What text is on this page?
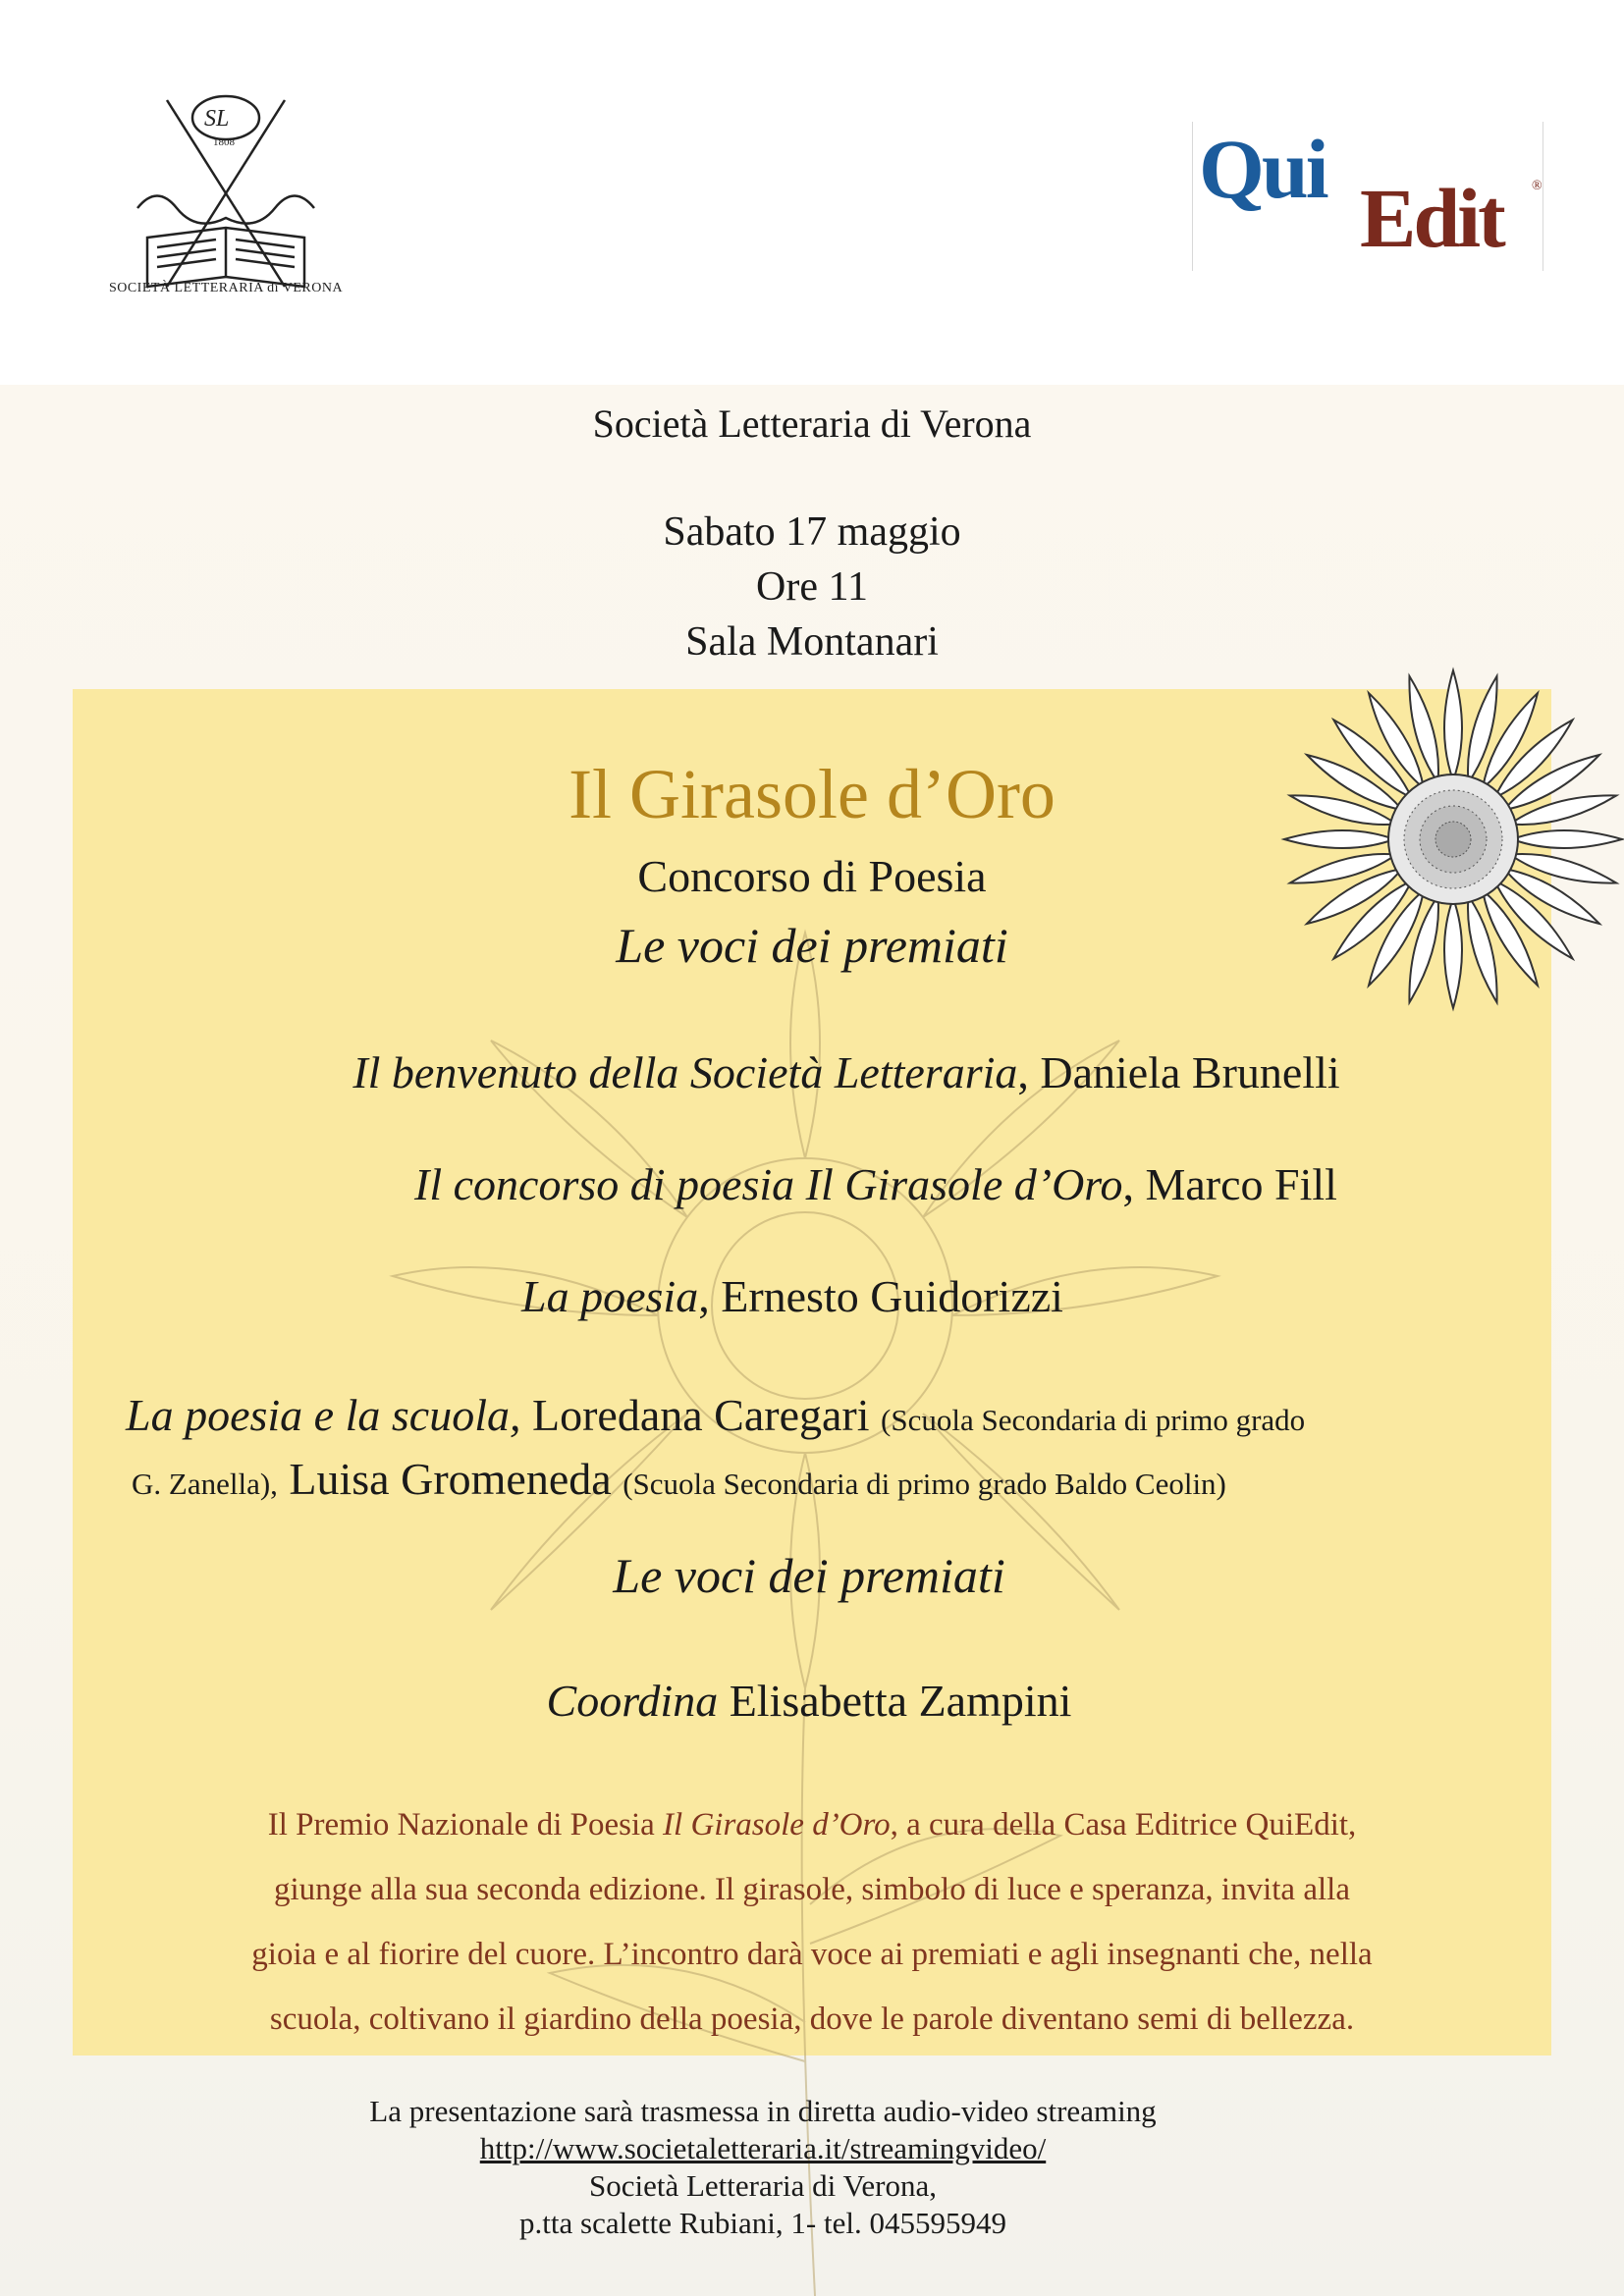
SL
1808
SOCIETÀ LETTERARIA di VERONA
Qui
Edit ®
Società Letteraria di Verona
Sabato 17 maggio
Ore 11
Sala Montanari
Il Girasole d’Oro
Concorso di Poesia
Le voci dei premiati
Il benvenuto della Società Letteraria, Daniela Brunelli
Il concorso di poesia Il Girasole d’Oro, Marco Fill
La poesia, Ernesto Guidorizzi
La poesia e la scuola, Loredana Caregari (Scuola Secondaria di primo grado
G. Zanella), Luisa Gromeneda (Scuola Secondaria di primo grado Baldo Ceolin)
Le voci dei premiati
Coordina Elisabetta Zampini
Il Premio Nazionale di Poesia Il Girasole d’Oro, a cura della Casa Editrice QuiEdit,
giunge alla sua seconda edizione. Il girasole, simbolo di luce e speranza, invita alla
gioia e al fiorire del cuore. L’incontro darà voce ai premiati e agli insegnanti che, nella
scuola, coltivano il giardino della poesia, dove le parole diventano semi di bellezza.
La presentazione sarà trasmessa in diretta audio-video streaming
http://www.societaletteraria.it/streamingvideo/
Società Letteraria di Verona,
p.tta scalette Rubiani, 1- tel. 045595949
